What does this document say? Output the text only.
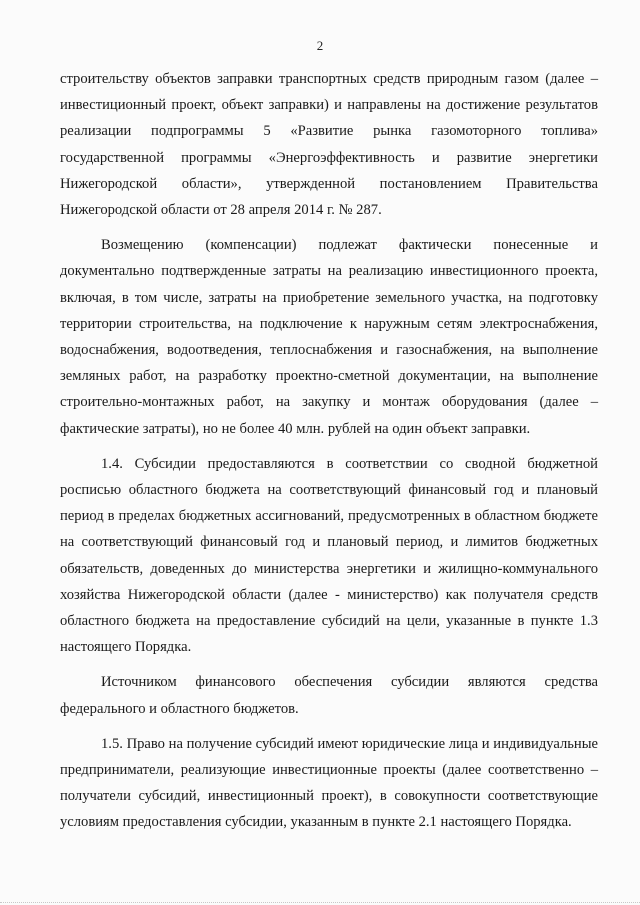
2

строительству объектов заправки транспортных средств природным газом (далее – инвестиционный проект, объект заправки) и направлены на достижение результатов реализации подпрограммы 5 «Развитие рынка газомоторного топлива» государственной программы «Энергоэффективность и развитие энергетики Нижегородской области», утвержденной постановлением Правительства Нижегородской области от 28 апреля 2014 г. № 287.

Возмещению (компенсации) подлежат фактически понесенные и документально подтвержденные затраты на реализацию инвестиционного проекта, включая, в том числе, затраты на приобретение земельного участка, на подготовку территории строительства, на подключение к наружным сетям электроснабжения, водоснабжения, водоотведения, теплоснабжения и газоснабжения, на выполнение земляных работ, на разработку проектно-сметной документации, на выполнение строительно-монтажных работ, на закупку и монтаж оборудования (далее – фактические затраты), но не более 40 млн. рублей на один объект заправки.

1.4. Субсидии предоставляются в соответствии со сводной бюджетной росписью областного бюджета на соответствующий финансовый год и плановый период в пределах бюджетных ассигнований, предусмотренных в областном бюджете на соответствующий финансовый год и плановый период, и лимитов бюджетных обязательств, доведенных до министерства энергетики и жилищно-коммунального хозяйства Нижегородской области (далее - министерство) как получателя средств областного бюджета на предоставление субсидий на цели, указанные в пункте 1.3 настоящего Порядка.

Источником финансового обеспечения субсидии являются средства федерального и областного бюджетов.

1.5. Право на получение субсидий имеют юридические лица и индивидуальные предприниматели, реализующие инвестиционные проекты (далее соответственно – получатели субсидий, инвестиционный проект), в совокупности соответствующие условиям предоставления субсидии, указанным в пункте 2.1 настоящего Порядка.
